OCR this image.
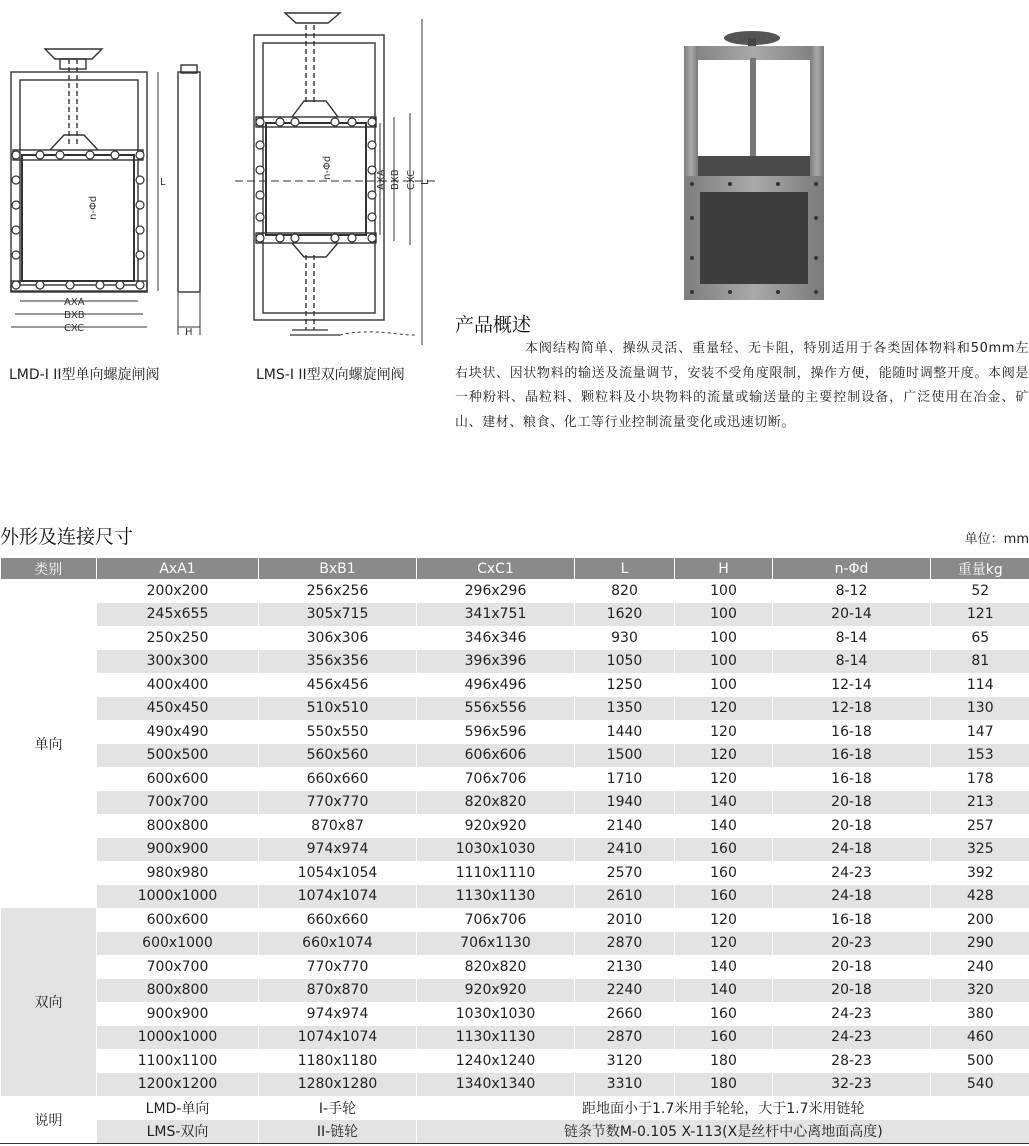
AXA
BXB
CXC
L
H
n-Φd
LMD-I II型单向螺旋闸阀
AXA BXB CXC L
n-Φd
LMS-I II型双向螺旋闸阀
产品概述

本阀结构简单、操纵灵活、重量轻、无卡阻，特别适用于各类固体物料和50mm左右块状、因状物料的输送及流量调节，安装不受角度限制，操作方便，能随时调整开度。本阀是一种粉料、晶粒料、颗粒料及小块物料的流量或输送量的主要控制设备，广泛使用在冶金、矿山、建材、粮食、化工等行业控制流量变化或迅速切断。

外形及连接尺寸	单位：mm
类别	AxA1	BxB1	CxC1	L	H	n-Φd	重量kg
单向	200x200	256x256	296x296	820	100	8-12	52
	245x655	305x715	341x751	1620	100	20-14	121
	250x250	306x306	346x346	930	100	8-14	65
	300x300	356x356	396x396	1050	100	8-14	81
	400x400	456x456	496x496	1250	100	12-14	114
	450x450	510x510	556x556	1350	120	12-18	130
	490x490	550x550	596x596	1440	120	16-18	147
	500x500	560x560	606x606	1500	120	16-18	153
	600x600	660x660	706x706	1710	120	16-18	178
	700x700	770x770	820x820	1940	140	20-18	213
	800x800	870x87	920x920	2140	140	20-18	257
	900x900	974x974	1030x1030	2410	160	24-18	325
	980x980	1054x1054	1110x1110	2570	160	24-23	392
	1000x1000	1074x1074	1130x1130	2610	160	24-18	428
双向	600x600	660x660	706x706	2010	120	16-18	200
	600x1000	660x1074	706x1130	2870	120	20-23	290
	700x700	770x770	820x820	2130	140	20-18	240
	800x800	870x870	920x920	2240	140	20-18	320
	900x900	974x974	1030x1030	2660	160	24-23	380
	1000x1000	1074x1074	1130x1130	2870	160	24-23	460
	1100x1100	1180x1180	1240x1240	3120	180	28-23	500
	1200x1200	1280x1280	1340x1340	3310	180	32-23	540
说明	LMD-单向	I-手轮	距地面小于1.7米用手轮轮，大于1.7米用链轮				
	LMS-双向	II-链轮	链条节数M-0.105 X-113(X是丝杆中心离地面高度)				
